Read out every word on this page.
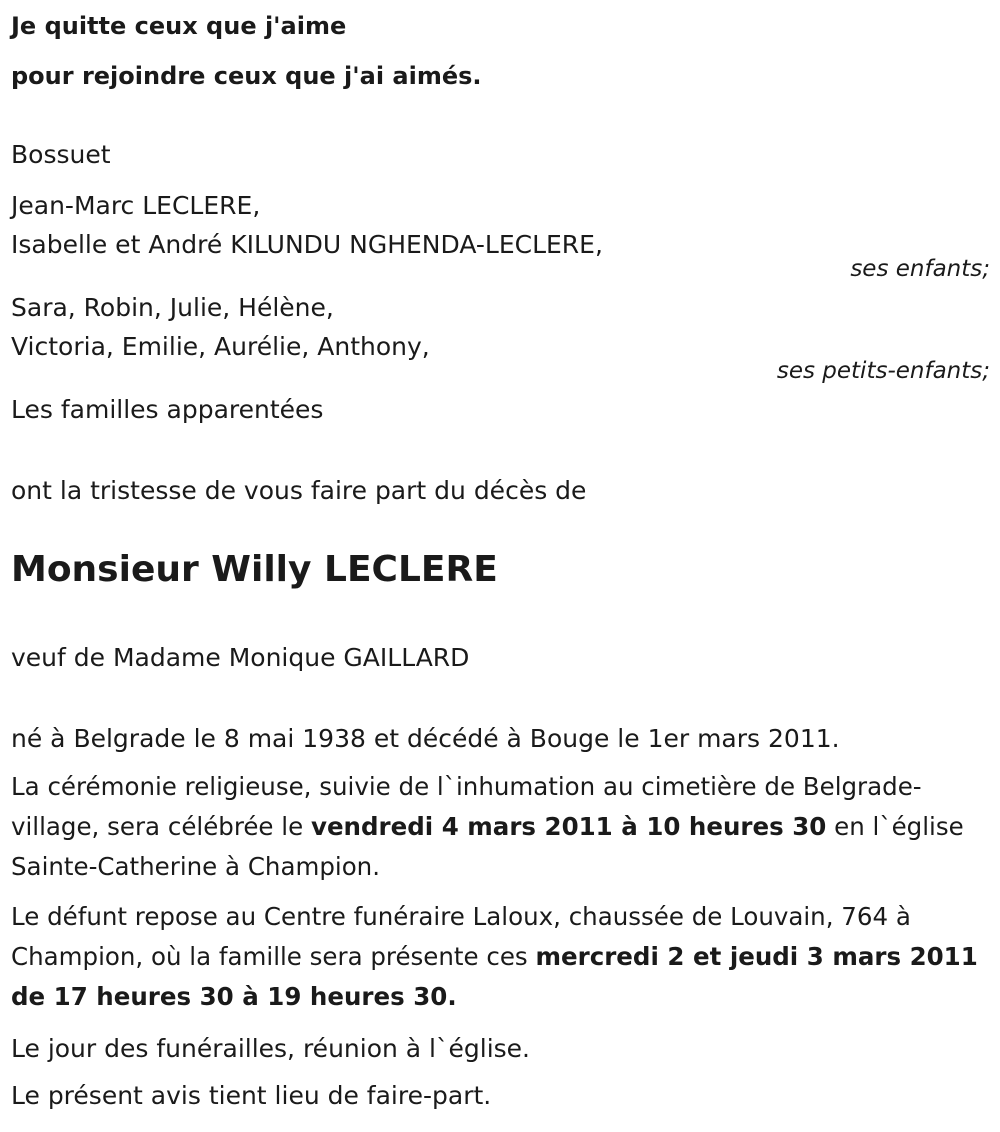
Je quitte ceux que j'aime
pour rejoindre ceux que j'ai aimés.
Bossuet
Jean-Marc LECLERE,
Isabelle et André KILUNDU NGHENDA-LECLERE,
ses enfants;
Sara, Robin, Julie, Hélène,
Victoria, Emilie, Aurélie, Anthony,
ses petits-enfants;
Les familles apparentées
ont la tristesse de vous faire part du décès de
Monsieur Willy LECLERE
veuf de Madame Monique GAILLARD
né à Belgrade le 8 mai 1938 et décédé à Bouge le 1er mars 2011.

La cérémonie religieuse, suivie de l`inhumation au cimetière de Belgrade-village, sera célébrée le vendredi 4 mars 2011 à 10 heures 30 en l`église Sainte-Catherine à Champion.

Le défunt repose au Centre funéraire Laloux, chaussée de Louvain, 764 à Champion, où la famille sera présente ces mercredi 2 et jeudi 3 mars 2011 de 17 heures 30 à 19 heures 30.

Le jour des funérailles, réunion à l`église.
Le présent avis tient lieu de faire-part.
